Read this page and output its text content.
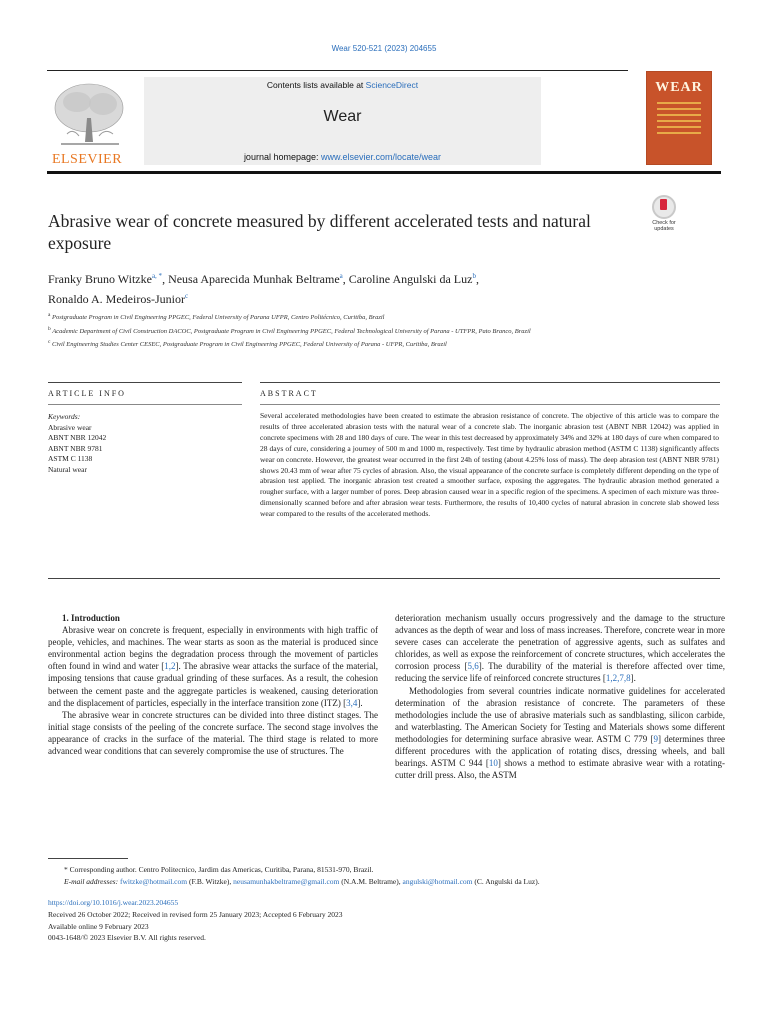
Wear 520-521 (2023) 204655
ELSEVIER
Contents lists available at ScienceDirect
Wear
journal homepage: www.elsevier.com/locate/wear
WEAR
Abrasive wear of concrete measured by different accelerated tests and natural exposure
Check for updates
Franky Bruno Witzke$^{a, *}$, Neusa Aparecida Munhak Beltrame$^a$, Caroline Angulski da Luz$^b$,
Ronaldo A. Medeiros-Junior$^c$
$^a$ Postgraduate Program in Civil Engineering PPGEC, Federal University of Parana UFPR, Centro Politécnico, Curitiba, Brazil
$^b$ Academic Department of Civil Construction DACOC, Postgraduate Program in Civil Engineering PPGEC, Federal Technological University of Parana - UTFPR, Pato Branco, Brazil
$^c$ Civil Engineering Studies Center CESEC, Postgraduate Program in Civil Engineering PPGEC, Federal University of Parana - UFPR, Curitiba, Brazil
ARTICLE INFO	ABSTRACT
Keywords:
Abrasive wear
ABNT NBR 12042
ABNT NBR 9781
ASTM C 1138
Natural wear
Several accelerated methodologies have been created to estimate the abrasion resistance of concrete. The objective of this article was to compare the results of three accelerated abrasion tests with the natural wear of a concrete slab. The inorganic abrasion test (ABNT NBR 12042) was applied in concrete specimens with 28 and 180 days of cure. The wear in this test decreased by approximately 34% and 32% at 180 days of cure when compared to 28 days of cure, considering a journey of 500 m and 1000 m, respectively. Test time by hydraulic abrasion method (ASTM C 1138) significantly affects wear on concrete. However, the greatest wear occurred in the first 24h of testing (about 4.25% loss of mass). The deep abrasion test (ABNT NBR 9781) shows 20.43 mm of wear after 75 cycles of abrasion. Also, the visual appearance of the concrete surface is completely different depending on the type of abrasion test applied. The inorganic abrasion test created a smoother surface, exposing the aggregates. The hydraulic abrasion method generated a rougher surface, with a larger number of pores. Deep abrasion caused wear in a specific region of the specimens. A specimen of each mixture was three-dimensionally scanned before and after abrasion wear tests. Furthermore, the results of 10,400 cycles of natural abrasion in concrete slab showed less wear compared to the results of the accelerated methods.

1. Introduction

Abrasive wear on concrete is frequent, especially in environments with high traffic of people, vehicles, and machines. The wear starts as soon as the material is produced since environmental action begins the degradation process through the movement of particles often found in wind and water [1,2]. The abrasive wear attacks the surface of the material, imposing tensions that cause gradual grinding of these surfaces. As a result, the cohesion between the cement paste and the aggregate particles is weakened, causing deterioration and the displacement of particles, especially in the interface transition zone (ITZ) [3,4].

The abrasive wear in concrete structures can be divided into three distinct stages. The initial stage consists of the peeling of the concrete surface. The second stage involves the appearance of cracks in the surface of the material. The third stage is related to more advanced wear conditions that can severely compromise the use of structures. The

deterioration mechanism usually occurs progressively and the damage to the structure advances as the depth of wear and loss of mass increases. Therefore, concrete wear in more severe cases can accelerate the penetration of aggressive agents, such as sulfates and chlorides, as well as expose the reinforcement of concrete structures, which accelerates the corrosion process [5,6]. The durability of the material is therefore affected over time, reducing the service life of reinforced concrete structures [1,2,7,8].

Methodologies from several countries indicate normative guidelines for accelerated determination of the abrasion resistance of concrete. The parameters of these methodologies include the use of abrasive materials such as sandblasting, silicon carbide, and waterblasting. The American Society for Testing and Materials shows some different methodologies for determining surface abrasive wear. ASTM C 779 [9] determines three different procedures with the application of rotating discs, dressing wheels, and ball bearings. ASTM C 944 [10] shows a method to estimate abrasive wear with a rotating-cutter drill press. Also, the ASTM

* Corresponding author. Centro Politecnico, Jardim das Americas, Curitiba, Parana, 81531-970, Brazil.
E-mail addresses: fwitzke@hotmail.com (F.B. Witzke), neusamunhakbeltrame@gmail.com (N.A.M. Beltrame), angulski@hotmail.com (C. Angulski da Luz).
https://doi.org/10.1016/j.wear.2023.204655
Received 26 October 2022; Received in revised form 25 January 2023; Accepted 6 February 2023
Available online 9 February 2023
0043-1648/© 2023 Elsevier B.V. All rights reserved.
